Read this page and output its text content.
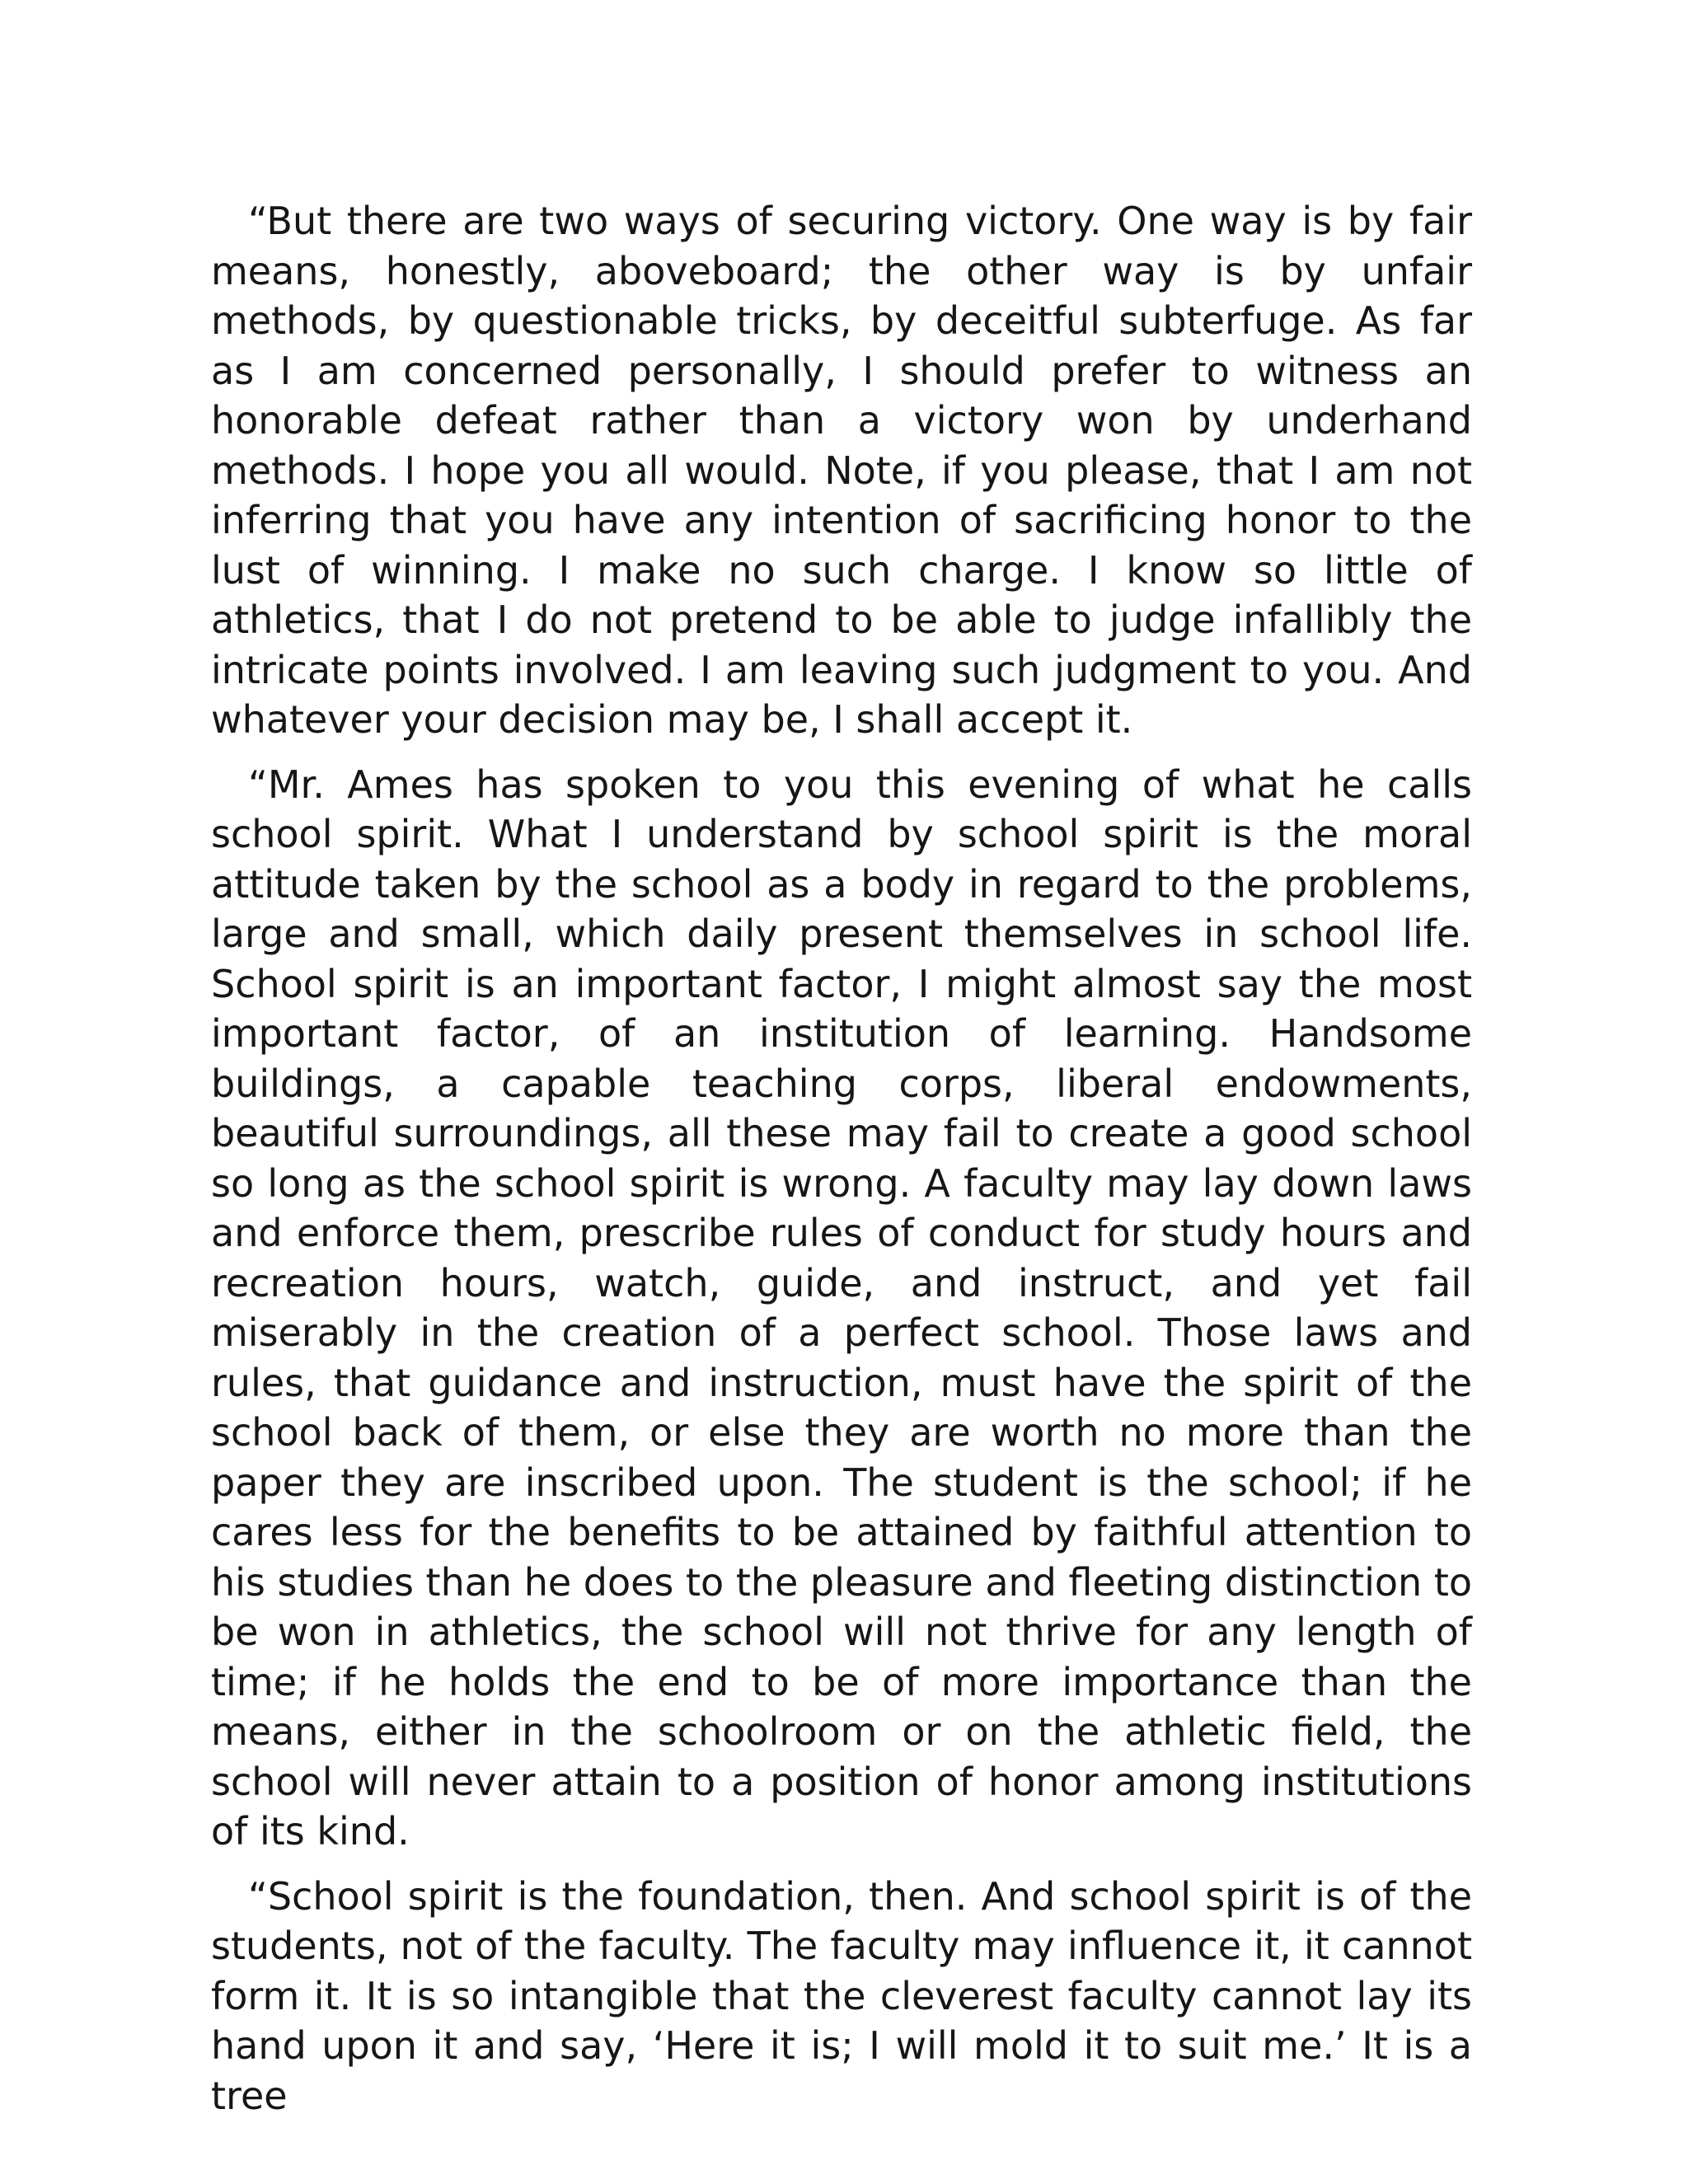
“But there are two ways of securing victory. One way is by fair means, honestly, aboveboard; the other way is by unfair methods, by questionable tricks, by deceitful subterfuge. As far as I am concerned personally, I should prefer to witness an honorable defeat rather than a victory won by underhand methods. I hope you all would. Note, if you please, that I am not inferring that you have any intention of sacrificing honor to the lust of winning. I make no such charge. I know so little of athletics, that I do not pretend to be able to judge infallibly the intricate points involved. I am leaving such judgment to you. And whatever your decision may be, I shall accept it.

“Mr. Ames has spoken to you this evening of what he calls school spirit. What I understand by school spirit is the moral attitude taken by the school as a body in regard to the problems, large and small, which daily present themselves in school life. School spirit is an important factor, I might almost say the most important factor, of an institution of learning. Handsome buildings, a capable teaching corps, liberal endowments, beautiful surroundings, all these may fail to create a good school so long as the school spirit is wrong. A faculty may lay down laws and enforce them, prescribe rules of conduct for study hours and recreation hours, watch, guide, and instruct, and yet fail miserably in the creation of a perfect school. Those laws and rules, that guidance and instruction, must have the spirit of the school back of them, or else they are worth no more than the paper they are inscribed upon. The student is the school; if he cares less for the benefits to be attained by faithful attention to his studies than he does to the pleasure and fleeting distinction to be won in athletics, the school will not thrive for any length of time; if he holds the end to be of more importance than the means, either in the schoolroom or on the athletic field, the school will never attain to a position of honor among institutions of its kind.

“School spirit is the foundation, then. And school spirit is of the students, not of the faculty. The faculty may influence it, it cannot form it. It is so intangible that the cleverest faculty cannot lay its hand upon it and say, ‘Here it is; I will mold it to suit me.’ It is a tree
